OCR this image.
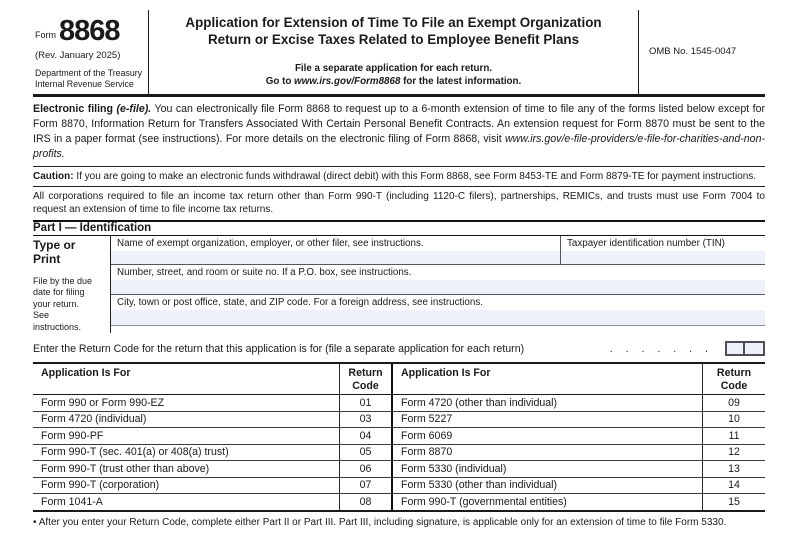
Form 8868
(Rev. January 2025)
Department of the Treasury
Internal Revenue Service
Application for Extension of Time To File an Exempt Organization
Return or Excise Taxes Related to Employee Benefit Plans
File a separate application for each return.
Go to www.irs.gov/Form8868 for the latest information.
OMB No. 1545-0047
Electronic filing (e-file). You can electronically file Form 8868 to request up to a 6-month extension of time to file any of the forms listed below except for Form 8870, Information Return for Transfers Associated With Certain Personal Benefit Contracts. An extension request for Form 8870 must be sent to the IRS in a paper format (see instructions). For more details on the electronic filing of Form 8868, visit www.irs.gov/e-file-providers/e-file-for-charities-and-non-profits.
Caution: If you are going to make an electronic funds withdrawal (direct debit) with this Form 8868, see Form 8453-TE and Form 8879-TE for payment instructions.
All corporations required to file an income tax return other than Form 990-T (including 1120-C filers), partnerships, REMICs, and trusts must use Form 7004 to request an extension of time to file income tax returns.
Part I — Identification
Type or Print
File by the due date for filing your return. See instructions.
Name of exempt organization, employer, or other filer, see instructions.	Taxpayer identification number (TIN)
Number, street, and room or suite no. If a P.O. box, see instructions.
City, town or post office, state, and ZIP code. For a foreign address, see instructions.
Enter the Return Code for the return that this application is for (file a separate application for each return)	. . . . . . .
Application Is For	Return
Code
Application Is For	Return
Code
Form 990 or Form 990-EZ	01	Form 4720 (other than individual)	09
Form 4720 (individual)	03	Form 5227	10
Form 990-PF	04	Form 6069	11
Form 990-T (sec. 401(a) or 408(a) trust)	05	Form 8870	12
Form 990-T (trust other than above)	06	Form 5330 (individual)	13
Form 990-T (corporation)	07	Form 5330 (other than individual)	14
Form 1041-A	08	Form 990-T (governmental entities)	15
• After you enter your Return Code, complete either Part II or Part III. Part III, including signature, is applicable only for an extension of time to file Form 5330.
